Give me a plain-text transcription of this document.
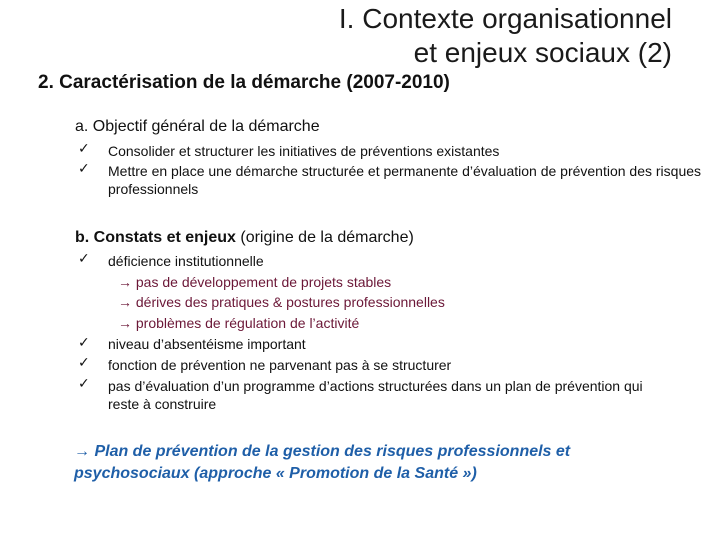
I. Contexte organisationnel
et enjeux sociaux (2)
2. Caractérisation de la démarche (2007-2010)
a. Objectif général de la démarche
✓ Consolider et structurer les initiatives de préventions existantes
✓ Mettre en place une démarche structurée et permanente d’évaluation de prévention des risques professionnels
b. Constats et enjeux (origine de la démarche)
✓ déficience institutionnelle
→ pas de développement de projets stables
→ dérives des pratiques & postures professionnelles
→ problèmes de régulation de l’activité
✓ niveau d’absentéisme important
✓ fonction de prévention ne parvenant pas à se structurer
✓ pas d’évaluation d’un programme d’actions structurées dans un plan de prévention qui reste à construire
→ Plan de prévention de la gestion des risques professionnels et psychosociaux (approche « Promotion de la Santé »)
